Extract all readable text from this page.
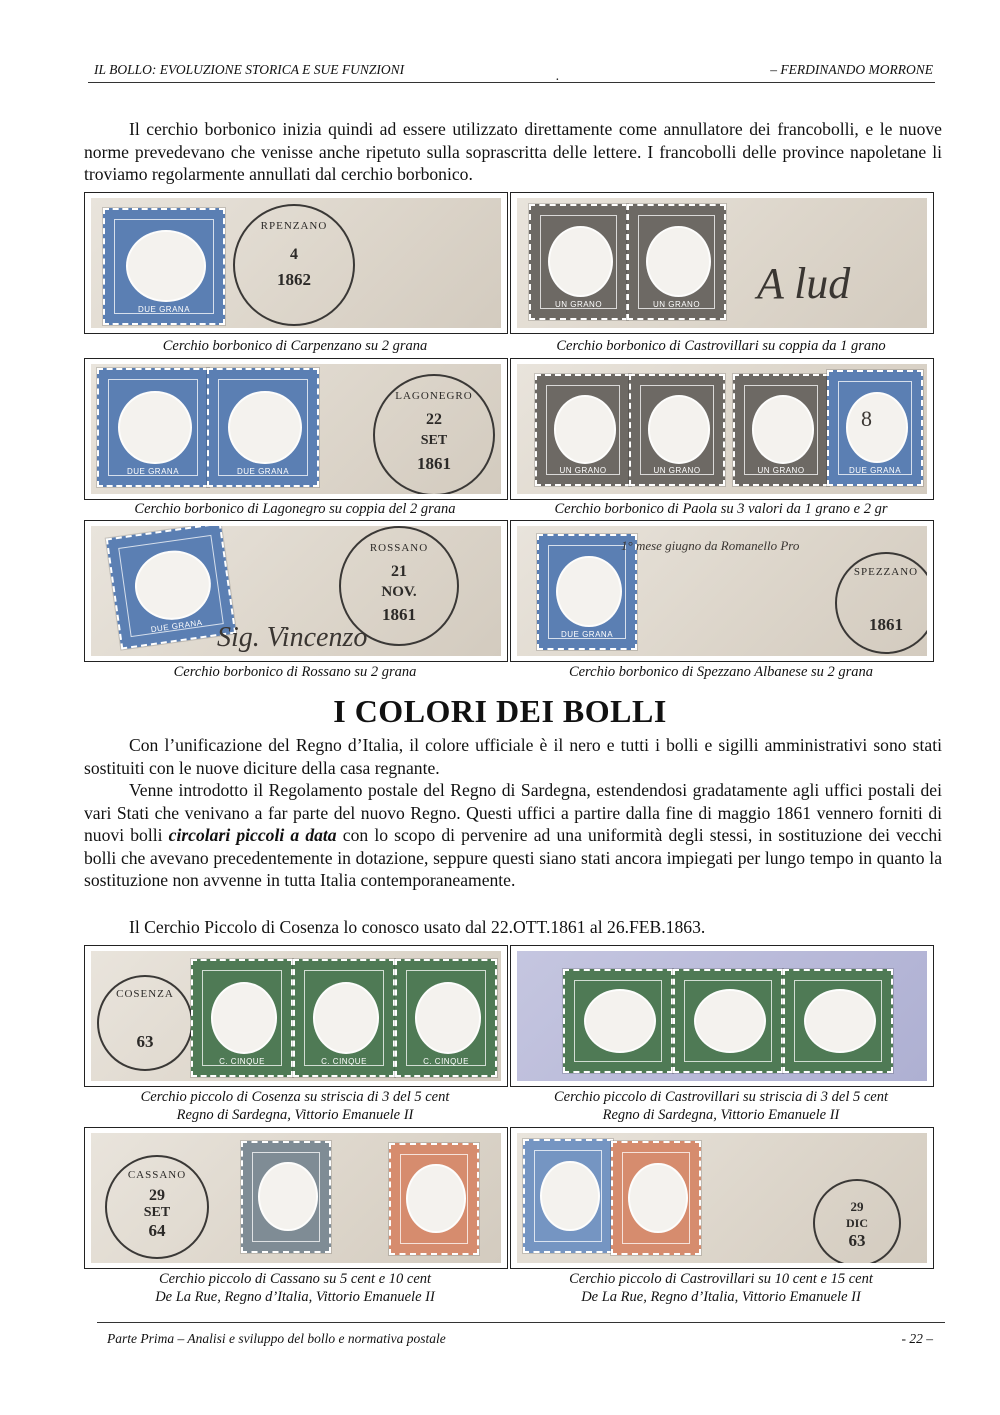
IL BOLLO: EVOLUZIONE STORICA E SUE FUNZIONI	.	– FERDINANDO MORRONE

Il cerchio borbonico inizia quindi ad essere utilizzato direttamente come annullatore dei francobolli, e le nuove norme prevedevano che venisse anche ripetuto sulla soprascritta delle lettere. I francobolli delle province napoletane li troviamo regolarmente annullati dal cerchio borbonico.

DUE GRANA
RPENZANO
4
1862
Cerchio borbonico di Carpenzano su 2 grana
UN GRANO	UN GRANO	A lud
Cerchio borbonico di Castrovillari su coppia da 1 grano
DUE GRANA	DUE GRANA
LAGONEGRO
22
SET
1861
Cerchio borbonico di Lagonegro su coppia del 2 grana
UN GRANO	UN GRANO	UN GRANO	DUE GRANA
8
Cerchio borbonico di Paola su 3 valori da 1 grano e 2 gr
DUE GRANA
ROSSANO
21
NOV.
1861
Sig. Vincenzo
Cerchio borbonico di Rossano su 2 grana
DUE GRANA
1° mese giugno da Romanello Pro
SPEZZANO
1861
Cerchio borbonico di Spezzano Albanese su 2 grana
I COLORI DEI BOLLI

Con l’unificazione del Regno d’Italia, il colore ufficiale è il nero e tutti i bolli e sigilli amministrativi sono stati sostituiti con le nuove diciture della casa regnante.

Venne introdotto il Regolamento postale del Regno di Sardegna, estendendosi gradatamente agli uffici postali dei vari Stati che venivano a far parte del nuovo Regno. Questi uffici a partire dalla fine di maggio 1861 vennero forniti di nuovi bolli circolari piccoli a data con lo scopo di pervenire ad una uniformità degli stessi, in sostituzione dei vecchi bolli che avevano precedentemente in dotazione, seppure questi siano stati ancora impiegati per lungo tempo in quanto la sostituzione non avvenne in tutta Italia contemporaneamente.

Il Cerchio Piccolo di Cosenza lo conosco usato dal 22.OTT.1861 al 26.FEB.1863.

COSENZA
63
C. CINQUE	C. CINQUE	C. CINQUE
Cerchio piccolo di Cosenza su striscia di 3 del 5 cent
Regno di Sardegna, Vittorio Emanuele II
Cerchio piccolo di Castrovillari su striscia di 3 del 5 cent
Regno di Sardegna, Vittorio Emanuele II
CASSANO
29
SET
64
Cerchio piccolo di Cassano su 5 cent e 10 cent
De La Rue, Regno d’Italia, Vittorio Emanuele II
29
DIC
63
Cerchio piccolo di Castrovillari su 10 cent e 15 cent
De La Rue, Regno d’Italia, Vittorio Emanuele II
Parte Prima – Analisi e sviluppo del bollo e normativa postale	- 22 –
